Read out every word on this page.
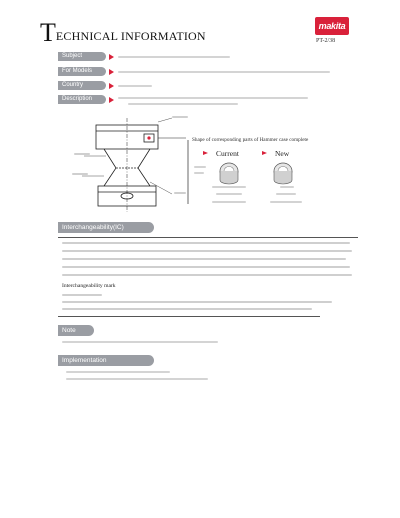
TECHNICAL INFORMATION
makita
PT-2/38
Subject
For Models
Country
Description
Shape of corresponding parts of Hammer case complete
Current	New
Interchangeability(IC)
Interchangeability mark
Note
Implementation
